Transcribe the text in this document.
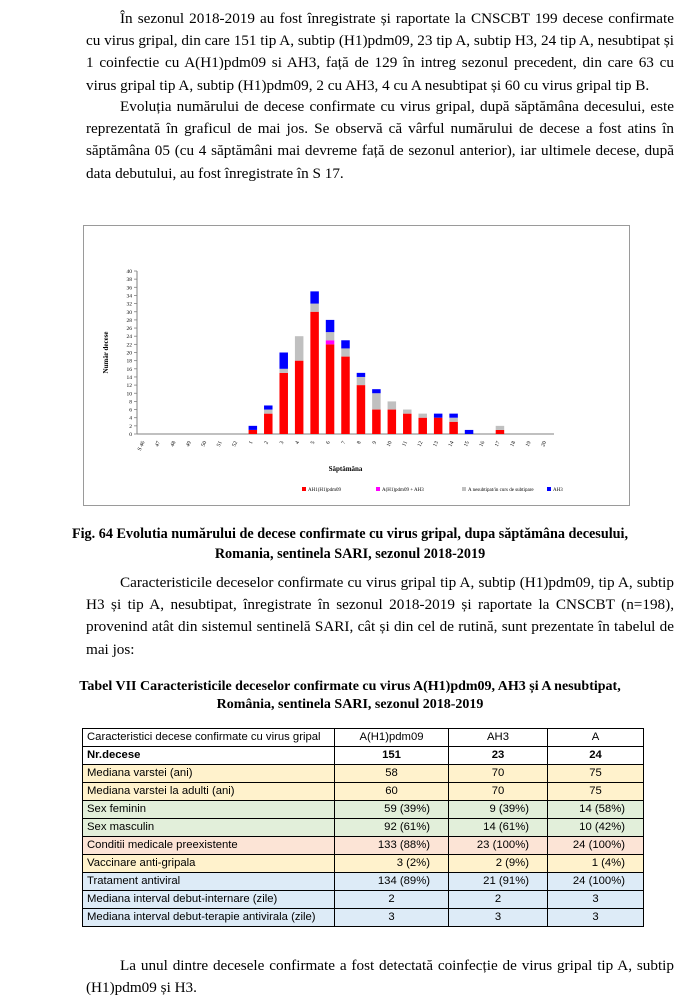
În sezonul 2018-2019 au fost înregistrate și raportate la CNSCBT 199 decese confirmate cu virus gripal, din care 151 tip A, subtip (H1)pdm09, 23 tip A, subtip H3, 24 tip A, nesubtipat și 1 coinfectie cu A(H1)pdm09 si AH3, față de 129 în intreg sezonul precedent, din care 63 cu virus gripal tip A, subtip (H1)pdm09, 2 cu AH3, 4 cu A nesubtipat și 60 cu virus gripal tip B.

Evoluția numărului de decese confirmate cu virus gripal, după săptămâna decesului, este reprezentată în graficul de mai jos. Se observă că vârful numărului de decese a fost atins în săptămâna 05 (cu 4 săptămâni mai devreme față de sezonul anterior), iar ultimele decese, după data debutului, au fost înregistrate în S 17.

0
2
4
6
8
10
12
14
16
18
20
22
24
26
28
30
32
34
36
38
40
S 46 47 48 49 50 51 52 1 2 3 4 5 6 7 8 9 10 11 12 13 14 15 16 17 18 19 20
Săptămâna
Număr decese
AH1(H1)pdm09	A(H1)pdm09 + AH3	A nesubtipat/in curs de subtipare	AH3
Fig. 64 Evolutia numărului de decese confirmate cu virus gripal, dupa săptămâna decesului,
Romania, sentinela SARI, sezonul 2018-2019

Caracteristicile deceselor confirmate cu virus gripal tip A, subtip (H1)pdm09, tip A, subtip H3 și tip A, nesubtipat, înregistrate în sezonul 2018-2019 și raportate la CNSCBT (n=198), provenind atât din sistemul sentinelă SARI, cât și din cel de rutină, sunt prezentate în tabelul de mai jos:

Tabel VII Caracteristicile deceselor confirmate cu virus A(H1)pdm09, AH3 și A nesubtipat,
România, sentinela SARI, sezonul 2018-2019
Caracteristici decese confirmate cu virus gripal	A(H1)pdm09	AH3	A
Nr.decese	151	23	24
Mediana varstei (ani)	58	70	75
Mediana varstei la adulti (ani)	60	70	75
Sex feminin	59 (39%)	9 (39%)	14 (58%)
Sex masculin	92 (61%)	14 (61%)	10 (42%)
Conditii medicale preexistente	133 (88%)	23 (100%)	24 (100%)
Vaccinare anti-gripala	3 (2%)	2 (9%)	1 (4%)
Tratament antiviral	134 (89%)	21 (91%)	24 (100%)
Mediana interval debut-internare (zile)	2	2	3
Mediana interval debut-terapie antivirala (zile)	3	3	3

La unul dintre decesele confirmate a fost detectată coinfecție de virus gripal tip A, subtip (H1)pdm09 și H3.
